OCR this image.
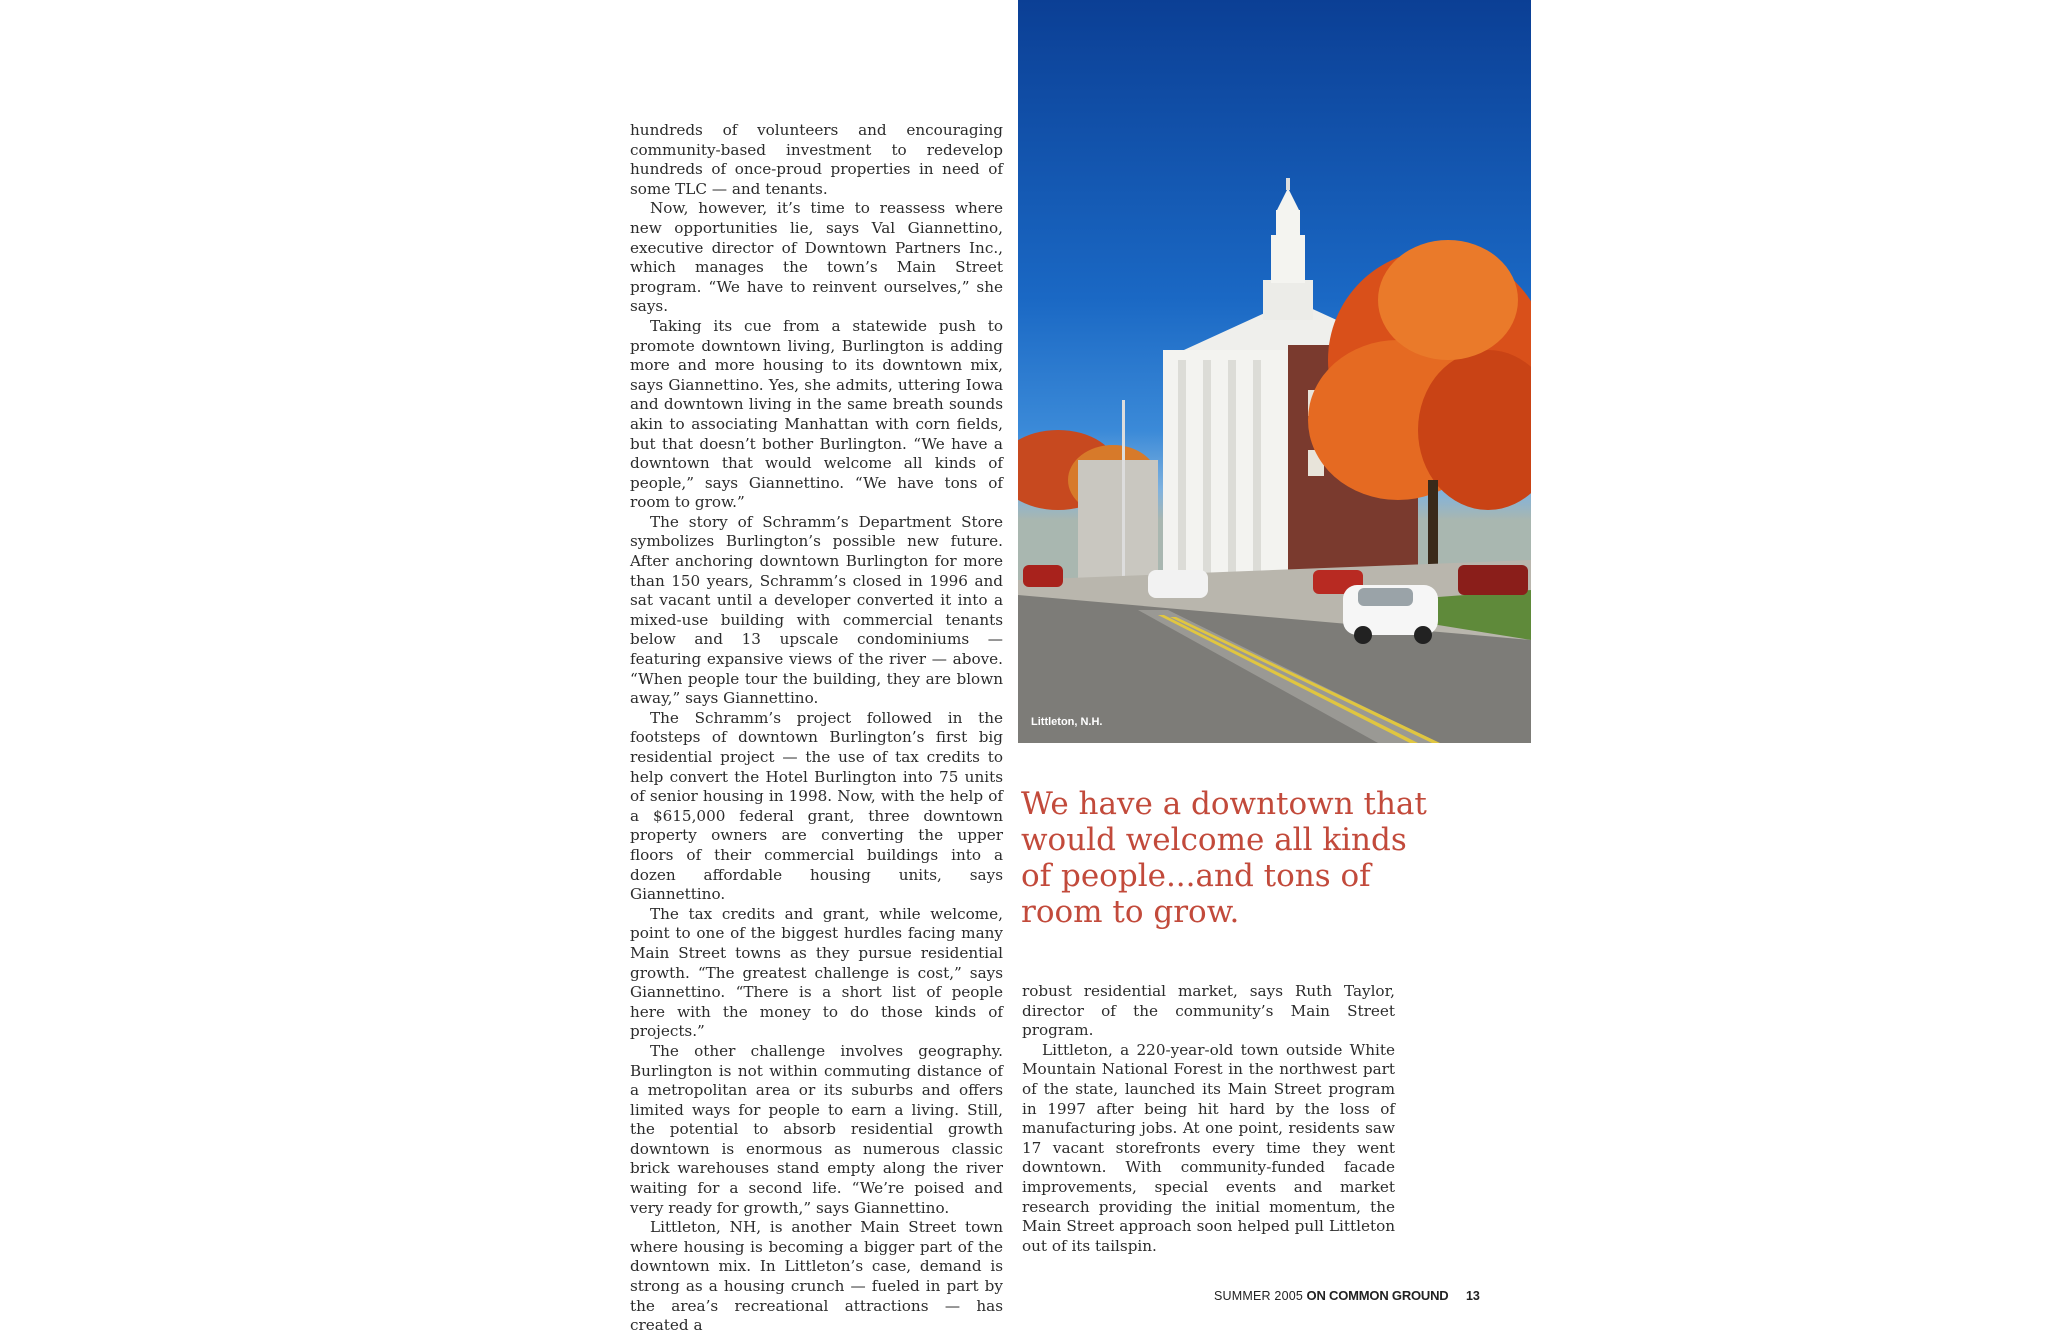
hundreds of volunteers and encouraging community-based investment to redevelop hundreds of once-proud properties in need of some TLC — and tenants.

Now, however, it’s time to reassess where new opportunities lie, says Val Giannettino, executive director of Downtown Partners Inc., which manages the town’s Main Street program. “We have to reinvent ourselves,” she says.

Taking its cue from a statewide push to promote downtown living, Burlington is adding more and more housing to its downtown mix, says Giannettino. Yes, she admits, uttering Iowa and downtown living in the same breath sounds akin to associating Manhattan with corn fields, but that doesn’t bother Burlington. “We have a downtown that would welcome all kinds of people,” says Giannettino. “We have tons of room to grow.”

The story of Schramm’s Department Store symbolizes Burlington’s possible new future. After anchoring downtown Burlington for more than 150 years, Schramm’s closed in 1996 and sat vacant until a developer converted it into a mixed-use building with commercial tenants below and 13 upscale condominiums — featuring expansive views of the river — above. “When people tour the building, they are blown away,” says Giannettino.

The Schramm’s project followed in the footsteps of downtown Burlington’s first big residential project — the use of tax credits to help convert the Hotel Burlington into 75 units of senior housing in 1998. Now, with the help of a $615,000 federal grant, three downtown property owners are converting the upper floors of their commercial buildings into a dozen affordable housing units, says Giannettino.

The tax credits and grant, while welcome, point to one of the biggest hurdles facing many Main Street towns as they pursue residential growth. “The greatest challenge is cost,” says Giannettino. “There is a short list of people here with the money to do those kinds of projects.”

The other challenge involves geography. Burlington is not within commuting distance of a metropolitan area or its suburbs and offers limited ways for people to earn a living. Still, the potential to absorb residential growth downtown is enormous as numerous classic brick warehouses stand empty along the river waiting for a second life. “We’re poised and very ready for growth,” says Giannettino.

Littleton, NH, is another Main Street town where housing is becoming a bigger part of the downtown mix. In Littleton’s case, demand is strong as a housing crunch — fueled in part by the area’s recreational attractions — has created a

Littleton, N.H.
We have a downtown that would welcome all kinds of people...and tons of room to grow.

robust residential market, says Ruth Taylor, director of the community’s Main Street program.

Littleton, a 220-year-old town outside White Mountain National Forest in the northwest part of the state, launched its Main Street program in 1997 after being hit hard by the loss of manufacturing jobs. At one point, residents saw 17 vacant storefronts every time they went downtown. With community-funded facade improvements, special events and market research providing the initial momentum, the Main Street approach soon helped pull Littleton out of its tailspin.

SUMMER 2005 ON COMMON GROUND 13
